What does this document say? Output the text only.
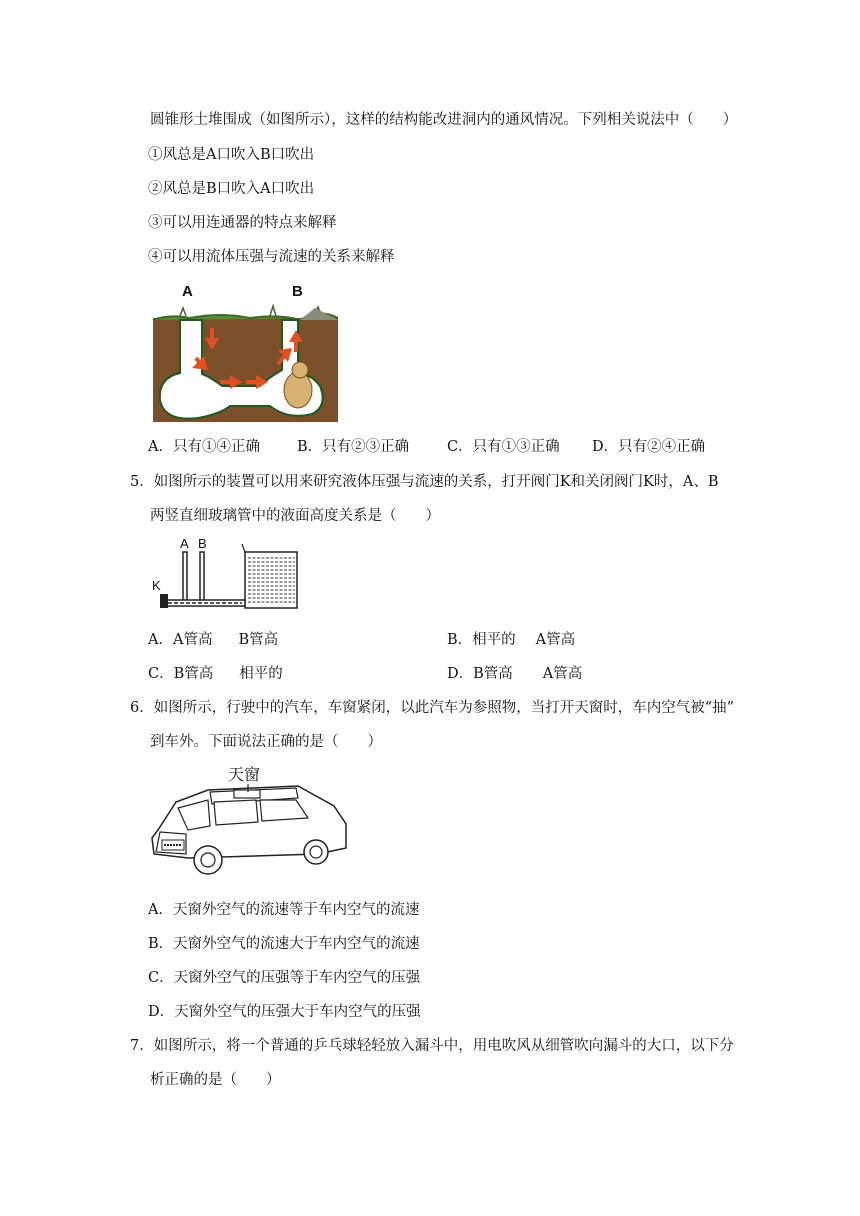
圆锥形土堆围成（如图所示），这样的结构能改进洞内的通风情况。下列相关说法中（　　）
①风总是A口吹入B口吹出
②风总是B口吹入A口吹出
③可以用连通器的特点来解释
④可以用流体压强与流速的关系来解释
A	B
A．只有①④正确	B．只有②③正确	C．只有①③正确 D．只有②④正确
5．如图所示的装置可以用来研究液体压强与流速的关系，打开阀门K和关闭阀门K时，A、B
两竖直细玻璃管中的液面高度关系是（　　）
A B
K
A．A管高 B管高	B．相平的 A管高
C．B管高 相平的	D．B管高 A管高
6．如图所示，行驶中的汽车，车窗紧闭，以此汽车为参照物，当打开天窗时，车内空气被“抽”
到车外。下面说法正确的是（　　）
天窗
A．天窗外空气的流速等于车内空气的流速
B．天窗外空气的流速大于车内空气的流速
C．天窗外空气的压强等于车内空气的压强
D．天窗外空气的压强大于车内空气的压强
7．如图所示，将一个普通的乒乓球轻轻放入漏斗中，用电吹风从细管吹向漏斗的大口，以下分
析正确的是（　　）
